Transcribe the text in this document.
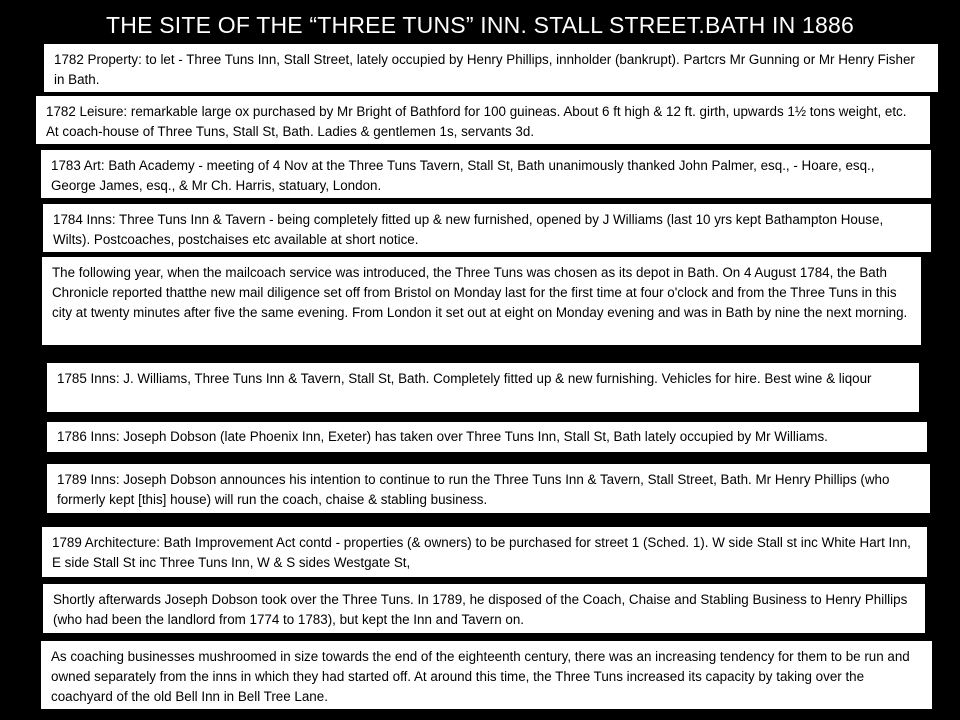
THE SITE OF THE “THREE TUNS” INN. STALL STREET.BATH IN 1886
1782 Property: to let - Three Tuns Inn, Stall Street, lately occupied by Henry Phillips, innholder (bankrupt). Partcrs Mr Gunning or Mr Henry Fisher in Bath.
1782 Leisure: remarkable large ox purchased by Mr Bright of Bathford for 100 guineas. About 6 ft high & 12 ft. girth, upwards 1½ tons weight, etc. At coach-house of Three Tuns, Stall St, Bath. Ladies & gentlemen 1s, servants 3d.
1783 Art: Bath Academy - meeting of 4 Nov at the Three Tuns Tavern, Stall St, Bath unanimously thanked John Palmer, esq., - Hoare, esq., George James, esq., & Mr Ch. Harris, statuary, London.
1784 Inns: Three Tuns Inn & Tavern - being completely fitted up & new furnished, opened by J Williams (last 10 yrs kept Bathampton House, Wilts). Postcoaches, postchaises etc available at short notice.
The following year, when the mailcoach service was introduced, the Three Tuns was chosen as its depot in Bath. On 4 August 1784, the Bath Chronicle reported thatthe new mail diligence set off from Bristol on Monday last for the first time at four o'clock and from the Three Tuns in this city at twenty minutes after five the same evening. From London it set out at eight on Monday evening and was in Bath by nine the next morning.
1785 Inns: J. Williams, Three Tuns Inn & Tavern, Stall St, Bath. Completely fitted up & new furnishing. Vehicles for hire. Best wine & liqour
1786 Inns: Joseph Dobson (late Phoenix Inn, Exeter) has taken over Three Tuns Inn, Stall St, Bath lately occupied by Mr Williams.
1789 Inns: Joseph Dobson announces his intention to continue to run the Three Tuns Inn & Tavern, Stall Street, Bath. Mr Henry Phillips (who formerly kept [this] house) will run the coach, chaise & stabling business.
1789 Architecture: Bath Improvement Act contd - properties (& owners) to be purchased for street 1 (Sched. 1). W side Stall st inc White Hart Inn, E side Stall St inc Three Tuns Inn, W & S sides Westgate St,
Shortly afterwards Joseph Dobson took over the Three Tuns. In 1789, he disposed of the Coach, Chaise and Stabling Business to Henry Phillips (who had been the landlord from 1774 to 1783), but kept the Inn and Tavern on.
As coaching businesses mushroomed in size towards the end of the eighteenth century, there was an increasing tendency for them to be run and owned separately from the inns in which they had started off. At around this time, the Three Tuns increased its capacity by taking over the coachyard of the old Bell Inn in Bell Tree Lane.
